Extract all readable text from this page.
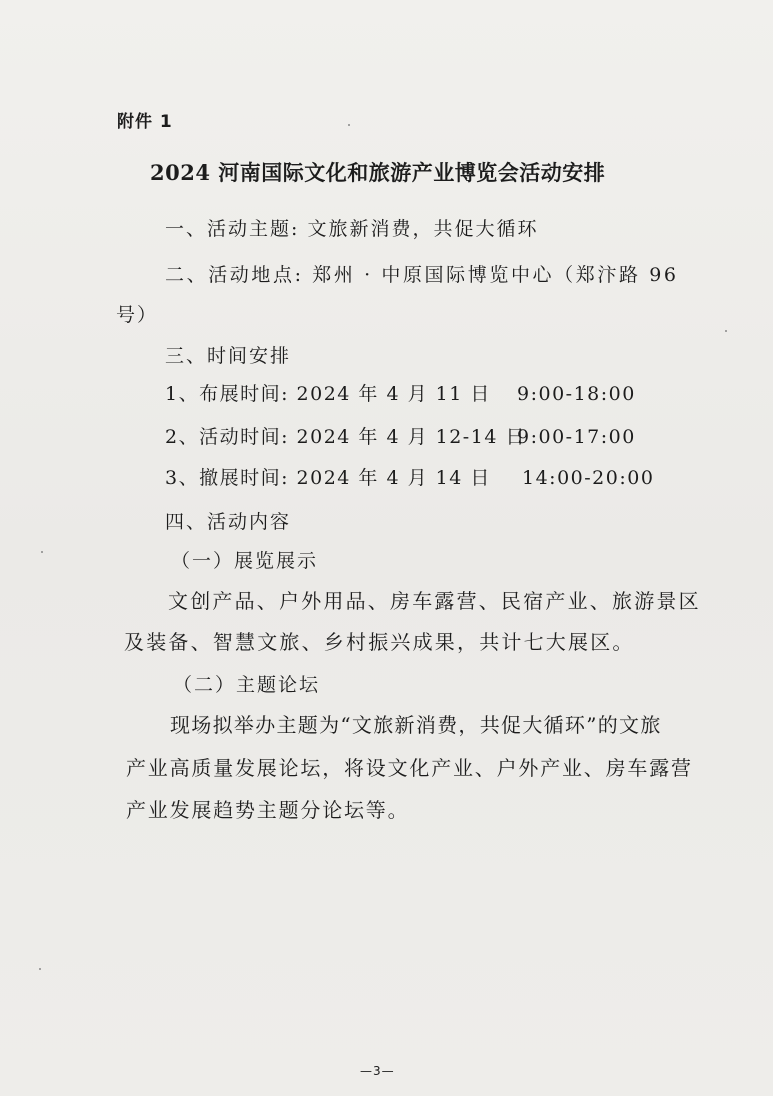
附件 1
2024 河南国际文化和旅游产业博览会活动安排
一、活动主题: 文旅新消费，共促大循环
二、活动地点: 郑州 · 中原国际博览中心（郑汴路 96
号）
三、时间安排
1、布展时间: 2024 年 4 月 11 日 9:00-18:00
2、活动时间: 2024 年 4 月 12-14 日
9:00-17:00
3、撤展时间: 2024 年 4 月 14 日 14:00-20:00
四、活动内容
（一）展览展示
文创产品、户外用品、房车露营、民宿产业、旅游景区
及装备、智慧文旅、乡村振兴成果，共计七大展区。
（二）主题论坛
现场拟举办主题为“文旅新消费，共促大循环”的文旅
产业高质量发展论坛，将设文化产业、户外产业、房车露营
产业发展趋势主题分论坛等。
—3—
